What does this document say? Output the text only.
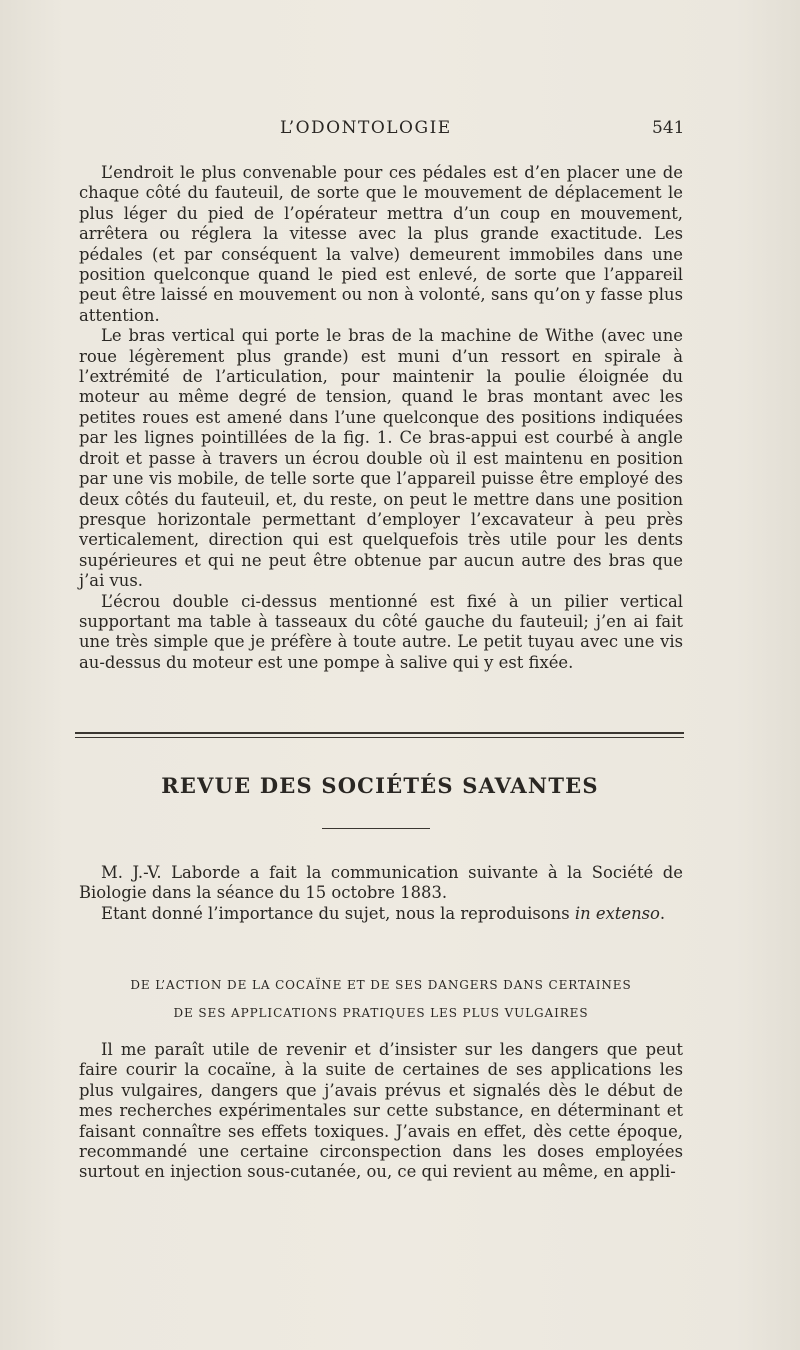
L’ODONTOLOGIE	541

L’endroit le plus convenable pour ces pédales est d’en placer une de chaque côté du fauteuil, de sorte que le mouvement de déplacement le plus léger du pied de l’opérateur mettra d’un coup en mouvement, arrêtera ou réglera la vitesse avec la plus grande exactitude. Les pédales (et par conséquent la valve) demeurent immobiles dans une position quelconque quand le pied est enlevé, de sorte que l’appareil peut être laissé en mouvement ou non à volonté, sans qu’on y fasse plus attention.

Le bras vertical qui porte le bras de la machine de Withe (avec une roue légèrement plus grande) est muni d’un ressort en spirale à l’extrémité de l’articulation, pour maintenir la poulie éloignée du moteur au même degré de tension, quand le bras montant avec les petites roues est amené dans l’une quelconque des positions indiquées par les lignes pointillées de la fig. 1. Ce bras-appui est courbé à angle droit et passe à travers un écrou double où il est maintenu en position par une vis mobile, de telle sorte que l’appareil puisse être employé des deux côtés du fauteuil, et, du reste, on peut le mettre dans une position presque horizontale permettant d’employer l’excavateur à peu près verticalement, direction qui est quelquefois très utile pour les dents supérieures et qui ne peut être obtenue par aucun autre des bras que j’ai vus.

L’écrou double ci-dessus mentionné est fixé à un pilier vertical supportant ma table à tasseaux du côté gauche du fauteuil; j’en ai fait une très simple que je préfère à toute autre. Le petit tuyau avec une vis au-dessus du moteur est une pompe à salive qui y est fixée.

REVUE DES SOCIÉTÉS SAVANTES

M. J.-V. Laborde a fait la communication suivante à la Société de Biologie dans la séance du 15 octobre 1883.

Etant donné l’importance du sujet, nous la reproduisons in extenso.

DE L’ACTION DE LA COCAÏNE ET DE SES DANGERS DANS CERTAINES
DE SES APPLICATIONS PRATIQUES LES PLUS VULGAIRES

Il me paraît utile de revenir et d’insister sur les dangers que peut faire courir la cocaïne, à la suite de certaines de ses applications les plus vulgaires, dangers que j’avais prévus et signalés dès le début de mes recherches expérimentales sur cette substance, en déterminant et faisant connaître ses effets toxiques. J’avais en effet, dès cette époque, recommandé une certaine circonspection dans les doses employées surtout en injection sous-cutanée, ou, ce qui revient au même, en appli-
